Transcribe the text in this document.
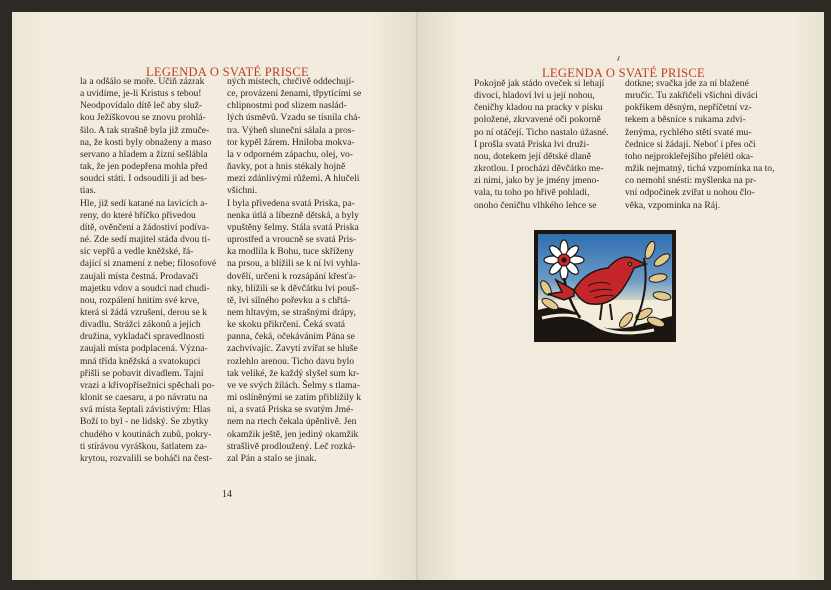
LEGENDA O SVATÉ PRISCE
la a odšálo se moře. Učiň zázrak
a uvidíme, je-li Kristus s tebou!
Neodpovídalo dítě leč aby služ-
kou Ježíškovou se znovu prohlá-
šilo. A tak strašně byla již zmuče-
na, že kosti byly obnaženy a maso
servano a hladem a žízní sešlábla
tak, že jen podepřena mohla před
soudci státi. I odsoudili ji ad bes-
tias.
Hle, již sedí katané na lavicích a-
reny, do které bříčko přivedou
dítě, ověnčení a žádostiví podíva-
né. Zde sedí majitel stáda dvou ti-
sic vepřů a vedle kněžské, řá-
dající si znamení z nebe; filosofové
zaujali místa čestná. Prodavači
majetku vdov a soudci nad chudi-
nou, rozpálení hnitím své krve,
která si žádá vzrušení, derou se k
divadlu. Strážci zákonů a jejich
družina, vykladači spravedlnosti
zaujali místa podplacená. Význa-
mná třída kněžská a svatokupci
přišli se pobavit divadlem. Tajní
vrazi a křivopřísežníci spěchali po-
klonit se caesaru, a po návratu na
svá místa šeptali závistivým: Hlas
Boží to byl - ne lidský. Se zbytky
chudého v koutinách zubů, pokry-
ti stírávou vyráškou, šatlatem za-
krytou, rozvalili se boháči na čest-
ných místech, chrčivě oddechují-
ce, provázeni ženami, třpytícími se
chlipnostmi pod slizem naslád-
lých úsměvů. Vzadu se tísnila chá-
tra. Výheň sluneční sálala a pros-
tor kypěl žárem. Hniloba mokva-
la v odporném zápachu, olej, vo-
ňavky, pot a hnis stékaly hojně
mezi zdánlivými růžemi. A hlučeli
všichni.
I byla přivedena svatá Priska, pa-
nenka útlá a líbezně dětská, a byly
vpuštěny šelmy. Stála svatá Priska
uprostřed a vroucně se svatá Pris-
ka modlila k Bohu, tuce skříženy
na prsou, a blížili se k ní lvi vyhla-
dovělí, určeni k rozsápání křesťa-
nky, blížili se k děvčátku lvi pouš-
tě, lvi silného pořevku a s chřtá-
nem hltavým, se strašnými drápy,
ke skoku přikrčení. Čeká svatá
panna, čeká, očekáváním Pána se
zachvívajíc. Zavytí zvířat se hluše
rozlehlo arenou. Ticho davu bylo
tak veliké, že každý slyšel sum kr-
ve ve svých žilách. Šelmy s tlama-
mi oslíněnými se zatím přiblížily k
ní, a svatá Priska se svatým Jmé-
nem na rtech čekala úpěnlivě. Jen
okamžik ještě, jen jediný okamžik
strašlivě prodloužený. Leč rozká-
zal Pán a stalo se jinak.
14
LEGENDA O SVATÉ PRISCE
Pokojně jak stádo oveček si lehají
divocí, hladoví lvi u její nohou,
čeničhy kladou na pracky v písku
položené, zkrvavené oči pokorně
po ní otáčejí. Ticho nastalo úžasné.
I prošla svatá Priska lvi druži-
nou, dotekem její dětské dlaně
zkrotlou. I procházi děvčátko me-
zi nimi, jako by je jmény jmeno-
vala, tu toho po hřivě pohladí,
onoho čeničhu vlhkého lehce se
dotkne; svačka jde za ní blažené
mručíc. Tu zakřičeli všichni diváci
pokřikem děsným, nepříčetní vz-
tekem a běsníce s rukama zdvi-
ženýma, rychlého stětí svaté mu-
čednice si žádají. Neboť i přes oči
toho nejprokleřejšího přelétl oka-
mžik nejmatný, tichá vzpomínka na to,
co nemohl snésti: myšlenka na pr-
vní odpočinek zvířat u nohou člo-
věka, vzpomínka na Ráj.
